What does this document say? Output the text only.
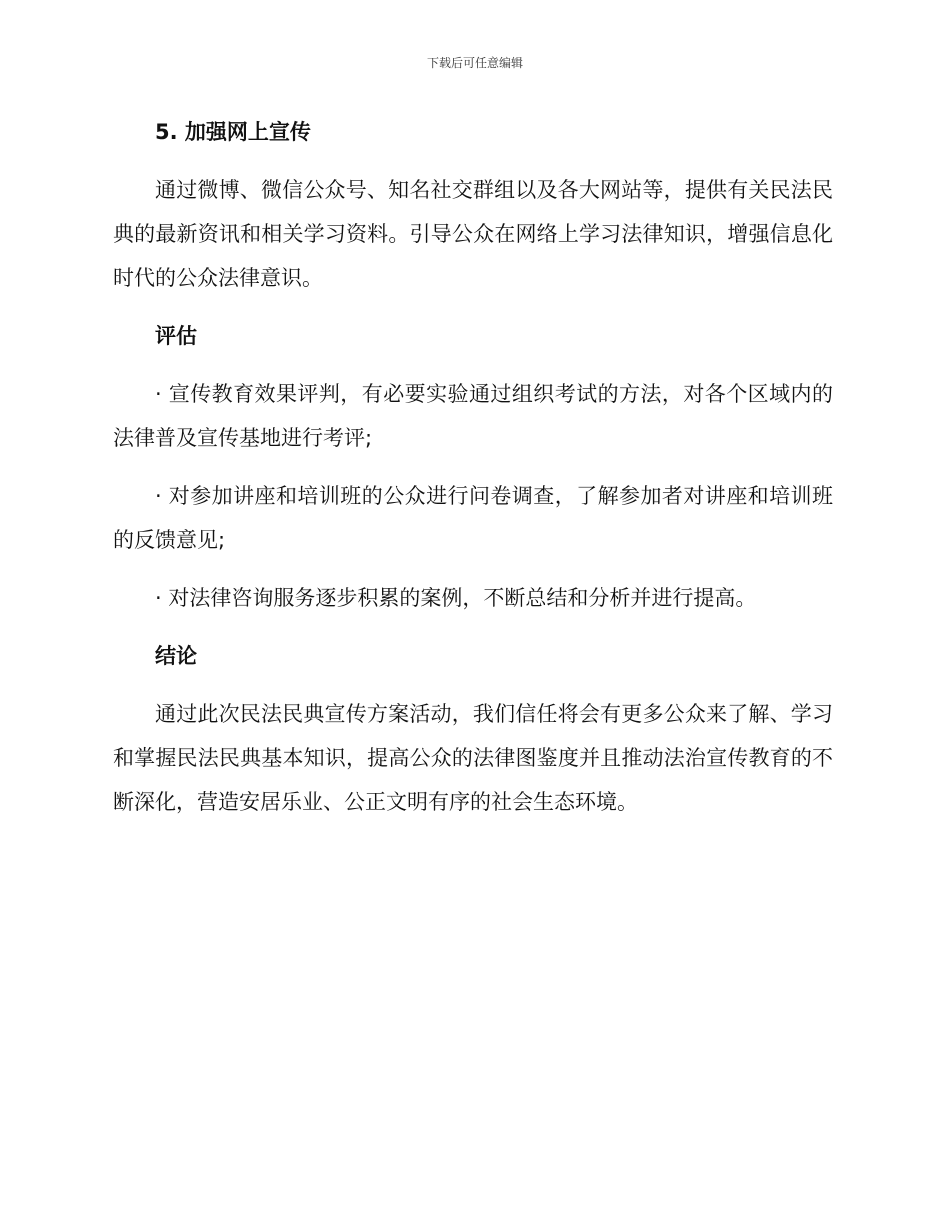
下载后可任意编辑
5. 加强网上宣传

通过微博、微信公众号、知名社交群组以及各大网站等，提供有关民法民典的最新资讯和相关学习资料。引导公众在网络上学习法律知识，增强信息化时代的公众法律意识。

评估

· 宣传教育效果评判，有必要实验通过组织考试的方法，对各个区域内的法律普及宣传基地进行考评;

· 对参加讲座和培训班的公众进行问卷调查，了解参加者对讲座和培训班的反馈意见;

· 对法律咨询服务逐步积累的案例，不断总结和分析并进行提高。

结论

通过此次民法民典宣传方案活动，我们信任将会有更多公众来了解、学习和掌握民法民典基本知识，提高公众的法律图鉴度并且推动法治宣传教育的不断深化，营造安居乐业、公正文明有序的社会生态环境。
